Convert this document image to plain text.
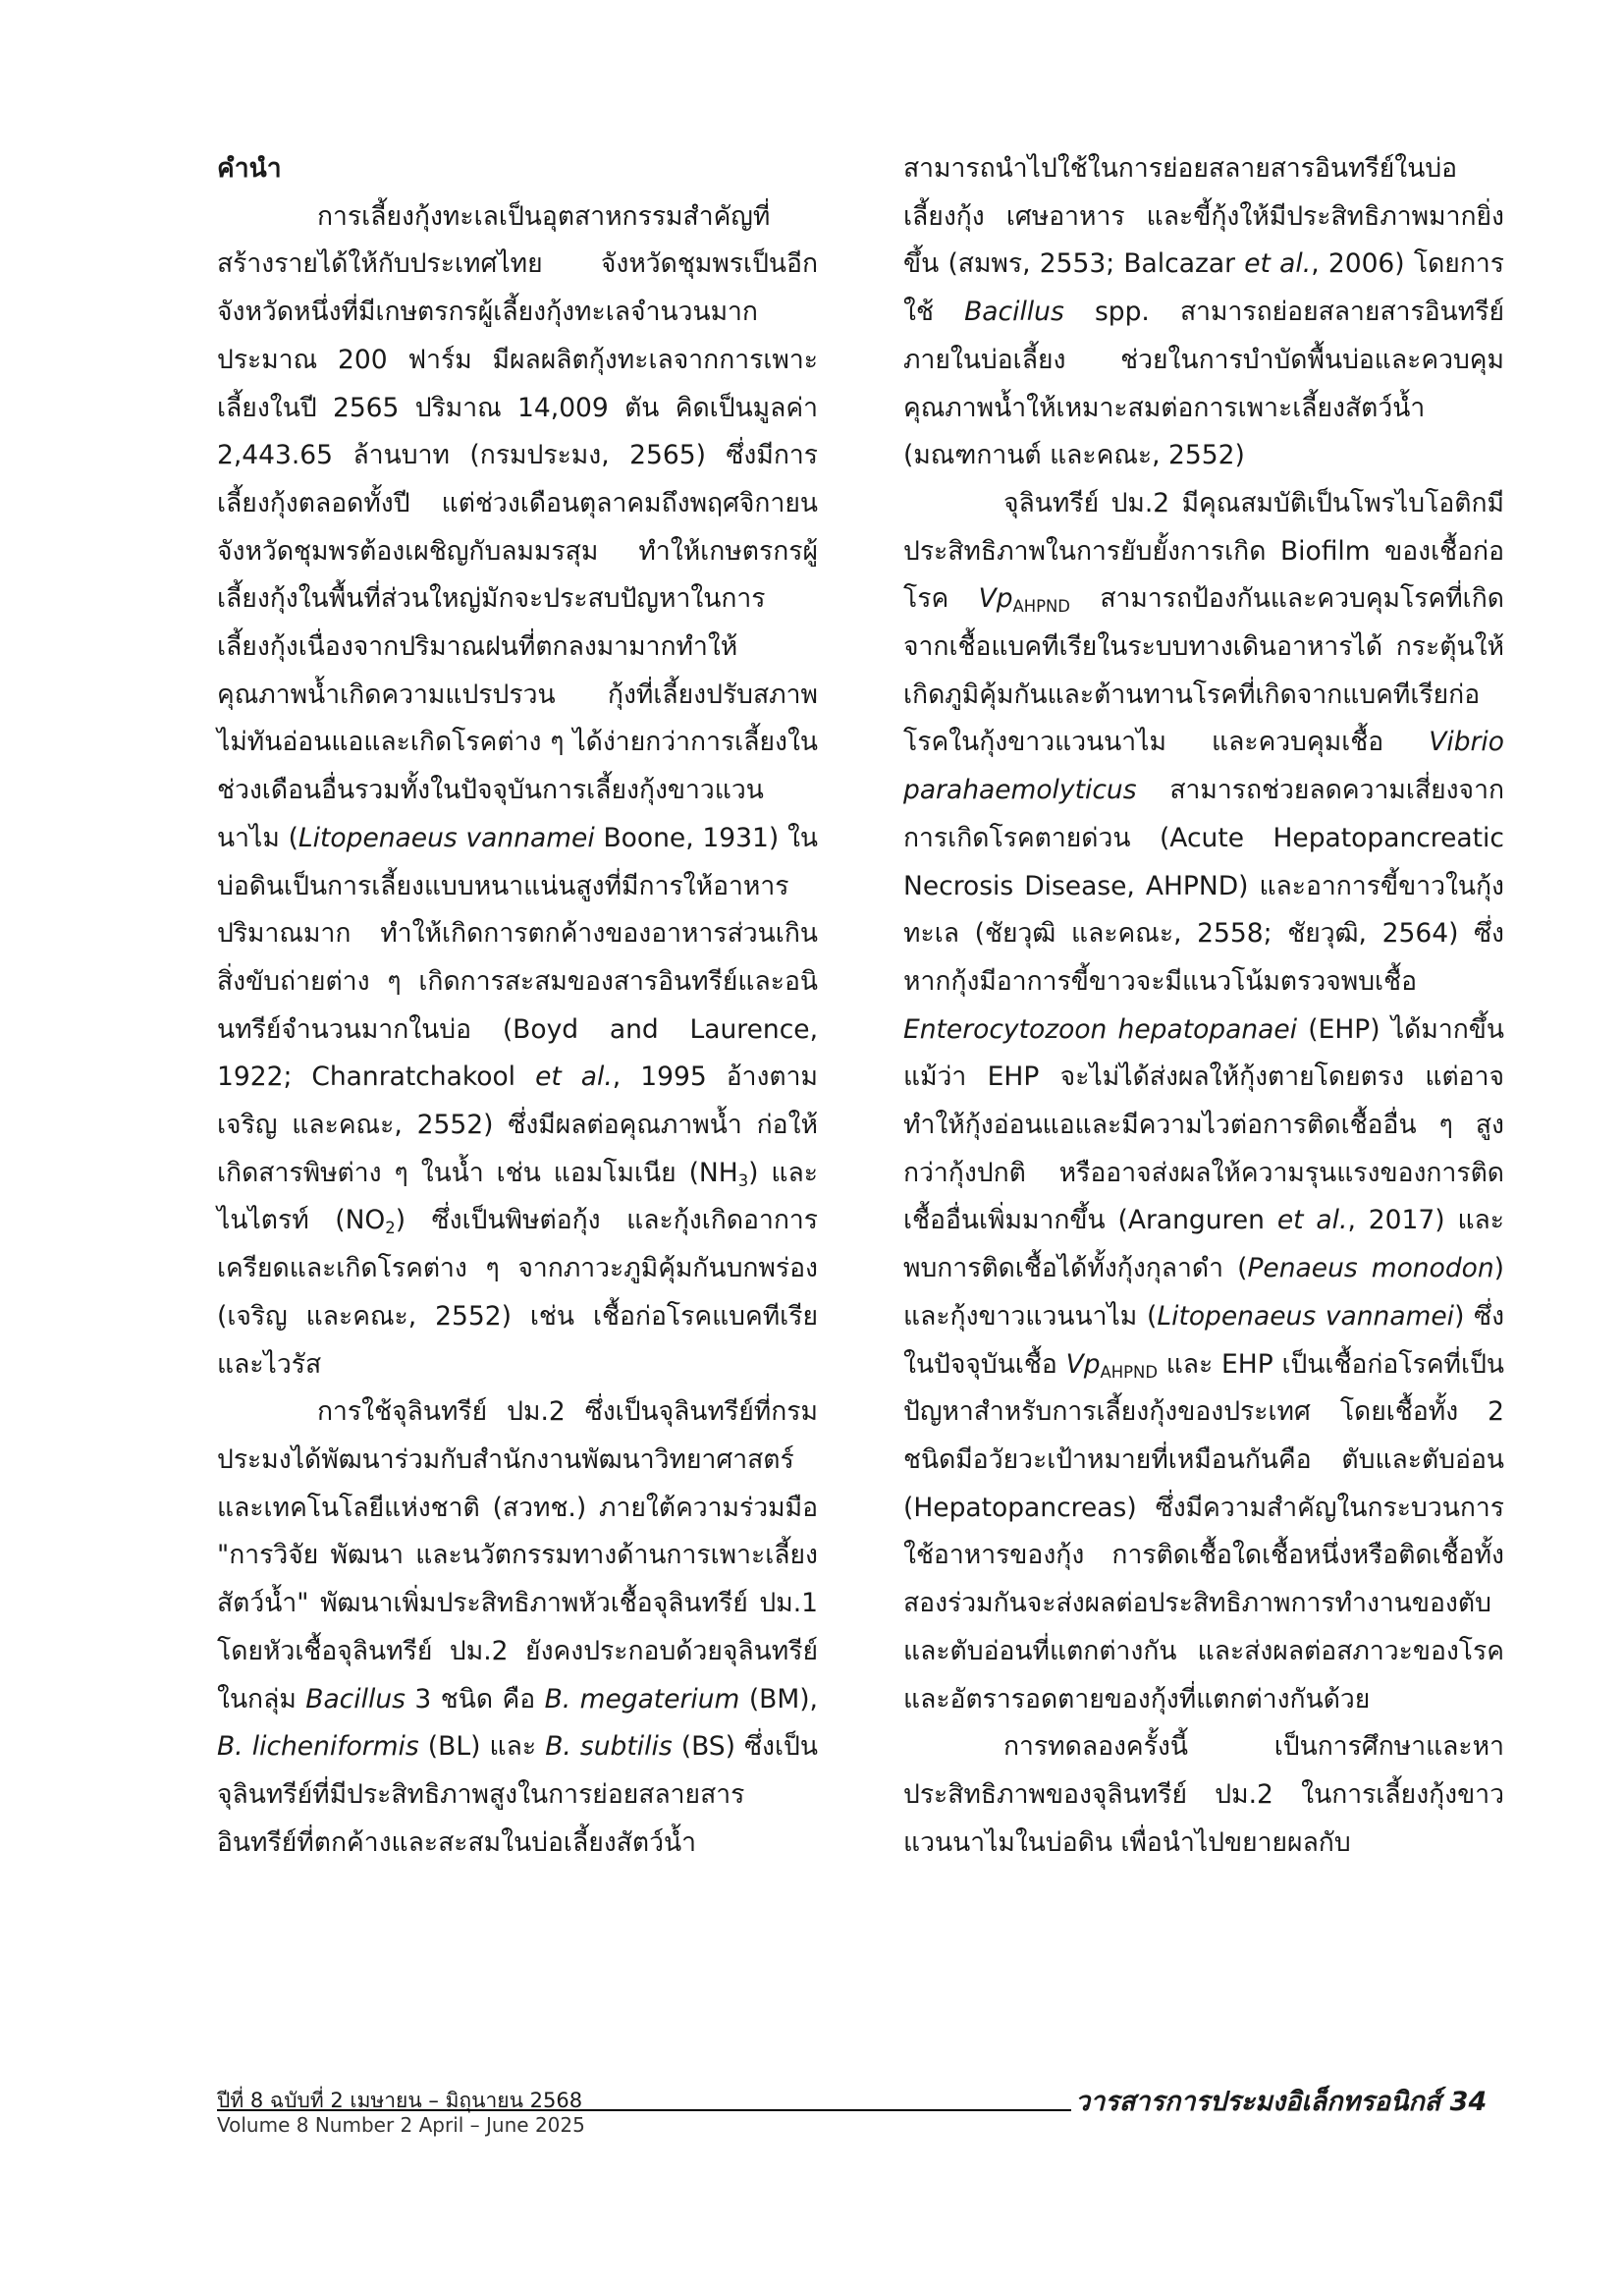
คำนำ

การเลี้ยงกุ้งทะเลเป็นอุตสาหกรรมสำคัญที่สร้างรายได้ให้กับประเทศไทย จังหวัดชุมพรเป็นอีกจังหวัดหนึ่งที่มีเกษตรกรผู้เลี้ยงกุ้งทะเลจำนวนมาก ประมาณ 200 ฟาร์ม มีผลผลิตกุ้งทะเลจากการเพาะเลี้ยงในปี 2565 ปริมาณ 14,009 ตัน คิดเป็นมูลค่า 2,443.65 ล้านบาท (กรมประมง, 2565) ซึ่งมีการเลี้ยงกุ้งตลอดทั้งปี แต่ช่วงเดือนตุลาคมถึงพฤศจิกายนจังหวัดชุมพรต้องเผชิญกับลมมรสุม ทำให้เกษตรกรผู้เลี้ยงกุ้งในพื้นที่ส่วนใหญ่มักจะประสบปัญหาในการเลี้ยงกุ้งเนื่องจากปริมาณฝนที่ตกลงมามากทำให้คุณภาพน้ำเกิดความแปรปรวน กุ้งที่เลี้ยงปรับสภาพไม่ทันอ่อนแอและเกิดโรคต่าง ๆ ได้ง่ายกว่าการเลี้ยงในช่วงเดือนอื่นรวมทั้งในปัจจุบันการเลี้ยงกุ้งขาวแวนนาไม (Litopenaeus vannamei Boone, 1931) ในบ่อดินเป็นการเลี้ยงแบบหนาแน่นสูงที่มีการให้อาหารปริมาณมาก ทำให้เกิดการตกค้างของอาหารส่วนเกิน สิ่งขับถ่ายต่าง ๆ เกิดการสะสมของสารอินทรีย์และอนินทรีย์จำนวนมากในบ่อ (Boyd and Laurence, 1922; Chanratchakool et al., 1995 อ้างตาม เจริญ และคณะ, 2552) ซึ่งมีผลต่อคุณภาพน้ำ ก่อให้เกิดสารพิษต่าง ๆ ในน้ำ เช่น แอมโมเนีย $(NH_3)$ และไนไตรท์ $(NO_2)$ ซึ่งเป็นพิษต่อกุ้ง และกุ้งเกิดอาการเครียดและเกิดโรคต่าง ๆ จากภาวะภูมิคุ้มกันบกพร่อง (เจริญ และคณะ, 2552) เช่น เชื้อก่อโรคแบคทีเรีย และไวรัส

การใช้จุลินทรีย์ ปม.2 ซึ่งเป็นจุลินทรีย์ที่กรมประมงได้พัฒนาร่วมกับสำนักงานพัฒนาวิทยาศาสตร์และเทคโนโลยีแห่งชาติ (สวทช.) ภายใต้ความร่วมมือ "การวิจัย พัฒนา และนวัตกรรมทางด้านการเพาะเลี้ยงสัตว์น้ำ" พัฒนาเพิ่มประสิทธิภาพหัวเชื้อจุลินทรีย์ ปม.1 โดยหัวเชื้อจุลินทรีย์ ปม.2 ยังคงประกอบด้วยจุลินทรีย์ในกลุ่ม Bacillus 3 ชนิด คือ B. megaterium (BM), B. licheniformis (BL) และ B. subtilis (BS) ซึ่งเป็นจุลินทรีย์ที่มีประสิทธิภาพสูงในการย่อยสลายสารอินทรีย์ที่ตกค้างและสะสมในบ่อเลี้ยงสัตว์น้ำ

สามารถนำไปใช้ในการย่อยสลายสารอินทรีย์ในบ่อเลี้ยงกุ้ง เศษอาหาร และขี้กุ้งให้มีประสิทธิภาพมากยิ่งขึ้น (สมพร, 2553; Balcazar et al., 2006) โดยการใช้ Bacillus spp. สามารถย่อยสลายสารอินทรีย์ภายในบ่อเลี้ยง ช่วยในการบำบัดพื้นบ่อและควบคุมคุณภาพน้ำให้เหมาะสมต่อการเพาะเลี้ยงสัตว์น้ำ (มณฑกานต์ และคณะ, 2552)

จุลินทรีย์ ปม.2 มีคุณสมบัติเป็นโพรไบโอติกมีประสิทธิภาพในการยับยั้งการเกิด Biofilm ของเชื้อก่อโรค $Vp_{AHPND}$ สามารถป้องกันและควบคุมโรคที่เกิดจากเชื้อแบคทีเรียในระบบทางเดินอาหารได้ กระตุ้นให้เกิดภูมิคุ้มกันและต้านทานโรคที่เกิดจากแบคทีเรียก่อโรคในกุ้งขาวแวนนาไม และควบคุมเชื้อ Vibrio parahaemolyticus สามารถช่วยลดความเสี่ยงจากการเกิดโรคตายด่วน (Acute Hepatopancreatic Necrosis Disease, AHPND) และอาการขี้ขาวในกุ้งทะเล (ชัยวุฒิ และคณะ, 2558; ชัยวุฒิ, 2564) ซึ่งหากกุ้งมีอาการขี้ขาวจะมีแนวโน้มตรวจพบเชื้อ Enterocytozoon hepatopanaei (EHP) ได้มากขึ้น แม้ว่า EHP จะไม่ได้ส่งผลให้กุ้งตายโดยตรง แต่อาจทำให้กุ้งอ่อนแอและมีความไวต่อการติดเชื้ออื่น ๆ สูงกว่ากุ้งปกติ หรืออาจส่งผลให้ความรุนแรงของการติดเชื้ออื่นเพิ่มมากขึ้น (Aranguren et al., 2017) และพบการติดเชื้อได้ทั้งกุ้งกุลาดำ (Penaeus monodon) และกุ้งขาวแวนนาไม (Litopenaeus vannamei) ซึ่งในปัจจุบันเชื้อ $Vp_{AHPND}$ และ EHP เป็นเชื้อก่อโรคที่เป็นปัญหาสำหรับการเลี้ยงกุ้งของประเทศ โดยเชื้อทั้ง 2 ชนิดมีอวัยวะเป้าหมายที่เหมือนกันคือ ตับและตับอ่อน (Hepatopancreas) ซึ่งมีความสำคัญในกระบวนการใช้อาหารของกุ้ง การติดเชื้อใดเชื้อหนึ่งหรือติดเชื้อทั้งสองร่วมกันจะส่งผลต่อประสิทธิภาพการทำงานของตับและตับอ่อนที่แตกต่างกัน และส่งผลต่อสภาวะของโรคและอัตรารอดตายของกุ้งที่แตกต่างกันด้วย

การทดลองครั้งนี้ เป็นการศึกษาและหาประสิทธิภาพของจุลินทรีย์ ปม.2 ในการเลี้ยงกุ้งขาวแวนนาไมในบ่อดิน เพื่อนำไปขยายผลกับ

ปีที่ 8 ฉบับที่ 2 เมษายน – มิถุนายน 2568
Volume 8 Number 2 April – June 2025
วารสารการประมงอิเล็กทรอนิกส์ 34
